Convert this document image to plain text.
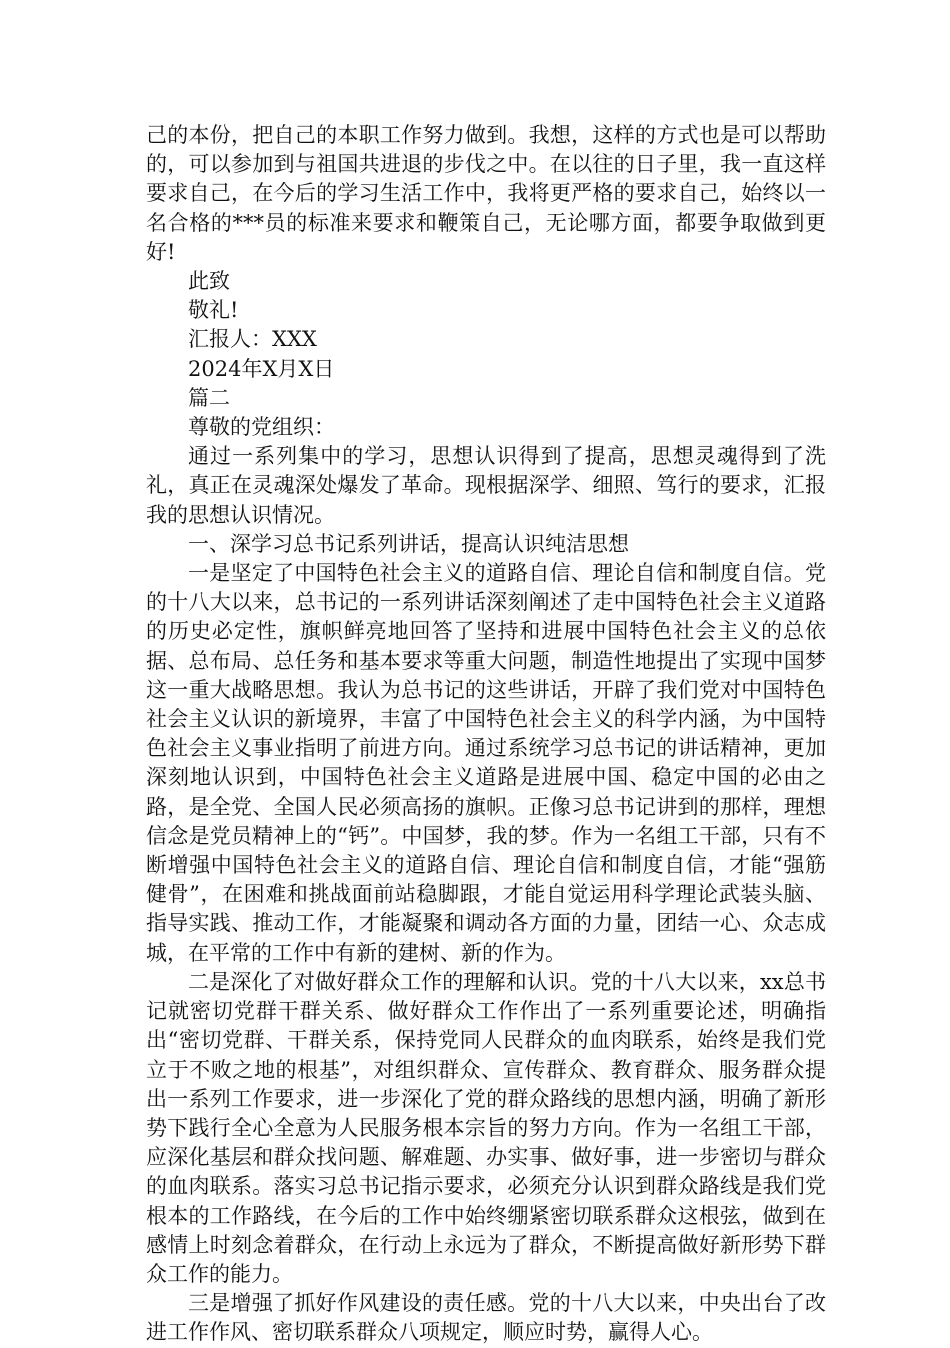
己的本份，把自己的本职工作努力做到。我想，这样的方式也是可以帮助的，可以参加到与祖国共进退的步伐之中。在以往的日子里，我一直这样要求自己，在今后的学习生活工作中，我将更严格的要求自己，始终以一名合格的***员的标准来要求和鞭策自己，无论哪方面，都要争取做到更好!

此致

敬礼!

汇报人：XXX

2024年X月X日

篇二

尊敬的党组织：

通过一系列集中的学习，思想认识得到了提高，思想灵魂得到了洗礼，真正在灵魂深处爆发了革命。现根据深学、细照、笃行的要求，汇报我的思想认识情况。

一、深学习总书记系列讲话，提高认识纯洁思想

一是坚定了中国特色社会主义的道路自信、理论自信和制度自信。党的十八大以来，总书记的一系列讲话深刻阐述了走中国特色社会主义道路的历史必定性，旗帜鲜亮地回答了坚持和进展中国特色社会主义的总依据、总布局、总任务和基本要求等重大问题，制造性地提出了实现中国梦这一重大战略思想。我认为总书记的这些讲话，开辟了我们党对中国特色社会主义认识的新境界，丰富了中国特色社会主义的科学内涵，为中国特色社会主义事业指明了前进方向。通过系统学习总书记的讲话精神，更加深刻地认识到，中国特色社会主义道路是进展中国、稳定中国的必由之路，是全党、全国人民必须高扬的旗帜。正像习总书记讲到的那样，理想信念是党员精神上的“钙”。中国梦，我的梦。作为一名组工干部，只有不断增强中国特色社会主义的道路自信、理论自信和制度自信，才能“强筋健骨”，在困难和挑战面前站稳脚跟，才能自觉运用科学理论武装头脑、指导实践、推动工作，才能凝聚和调动各方面的力量，团结一心、众志成城，在平常的工作中有新的建树、新的作为。

二是深化了对做好群众工作的理解和认识。党的十八大以来，xx总书记就密切党群干群关系、做好群众工作作出了一系列重要论述，明确指出“密切党群、干群关系，保持党同人民群众的血肉联系，始终是我们党立于不败之地的根基”，对组织群众、宣传群众、教育群众、服务群众提出一系列工作要求，进一步深化了党的群众路线的思想内涵，明确了新形势下践行全心全意为人民服务根本宗旨的努力方向。作为一名组工干部，应深化基层和群众找问题、解难题、办实事、做好事，进一步密切与群众的血肉联系。落实习总书记指示要求，必须充分认识到群众路线是我们党根本的工作路线，在今后的工作中始终绷紧密切联系群众这根弦，做到在感情上时刻念着群众，在行动上永远为了群众，不断提高做好新形势下群众工作的能力。

三是增强了抓好作风建设的责任感。党的十八大以来，中央出台了改进工作作风、密切联系群众八项规定，顺应时势，赢得人心。
